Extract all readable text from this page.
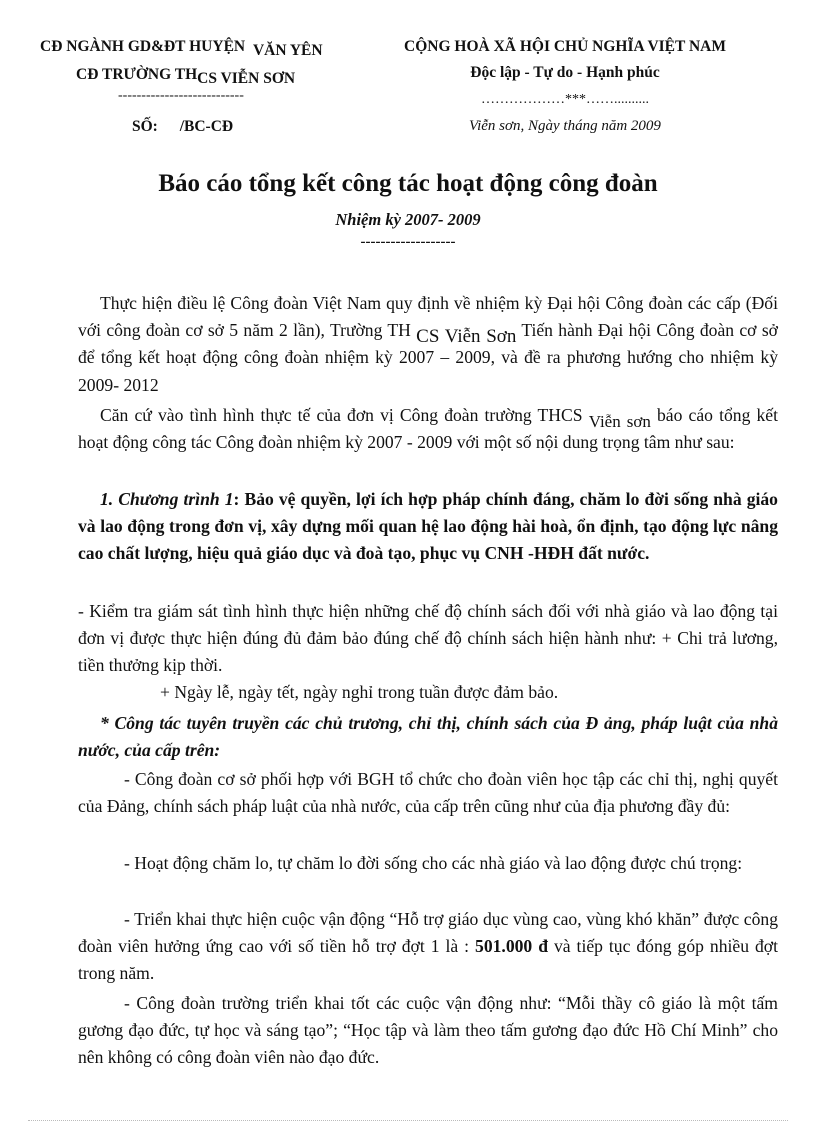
CĐ NGÀNH GD&ĐT HUYỆN VĂN YÊN
CĐ TRƯỜNG THCS VIỄN SƠN
---------------------------
SỐ: /BC-CĐ
CỘNG HOÀ XÃ HỘI CHỦ NGHĨA VIỆT NAM
Độc lập - Tự do - Hạnh phúc
………………***……..........
Viễn sơn, Ngày tháng năm 2009
Báo cáo tổng kết công tác hoạt động công đoàn
Nhiệm kỳ 2007- 2009
-------------------
Thực hiện điều lệ Công đoàn Việt Nam quy định về nhiệm kỳ Đại hội Công đoàn các cấp (Đối với công đoàn cơ sở 5 năm 2 lần), Trường TH CS Viễn Sơn Tiến hành Đại hội Công đoàn cơ sở để tổng kết hoạt động công đoàn nhiệm kỳ 2007 – 2009, và đề ra phương hướng cho nhiệm kỳ 2009- 2012
Căn cứ vào tình hình thực tế của đơn vị Công đoàn trường THCS Viễn sơn báo cáo tổng kết hoạt động công tác Công đoàn nhiệm kỳ 2007 - 2009 với một số nội dung trọng tâm như sau:
1. Chương trình 1: Bảo vệ quyền, lợi ích hợp pháp chính đáng, chăm lo đời sống nhà giáo và lao động trong đơn vị, xây dựng mối quan hệ lao động hài hoà, ổn định, tạo động lực nâng cao chất lượng, hiệu quả giáo dục và đoà tạo, phục vụ CNH -HĐH đất nước.
- Kiểm tra giám sát tình hình thực hiện những chế độ chính sách đối với nhà giáo và lao động tại đơn vị được thực hiện đúng đủ đảm bảo đúng chế độ chính sách hiện hành như: + Chi trả lương, tiền thưởng kịp thời.
+ Ngày lễ, ngày tết, ngày nghỉ trong tuần được đảm bảo.
* Công tác tuyên truyền các chủ trương, chỉ thị, chính sách của Đ ảng, pháp luật của nhà nước, của cấp trên:
- Công đoàn cơ sở phối hợp với BGH tổ chức cho đoàn viên học tập các chỉ thị, nghị quyết của Đảng, chính sách pháp luật của nhà nước, của cấp trên cũng như của địa phương đầy đủ:
- Hoạt động chăm lo, tự chăm lo đời sống cho các nhà giáo và lao động được chú trọng:
- Triển khai thực hiện cuộc vận động “Hỗ trợ giáo dục vùng cao, vùng khó khăn” được công đoàn viên hưởng ứng cao với số tiền hỗ trợ đợt 1 là : 501.000 đ và tiếp tục đóng góp nhiều đợt trong năm.
- Công đoàn trường triển khai tốt các cuộc vận động như: “Mỗi thầy cô giáo là một tấm gương đạo đức, tự học và sáng tạo”; “Học tập và làm theo tấm gương đạo đức Hồ Chí Minh” cho nên không có công đoàn viên nào đạo đức.
